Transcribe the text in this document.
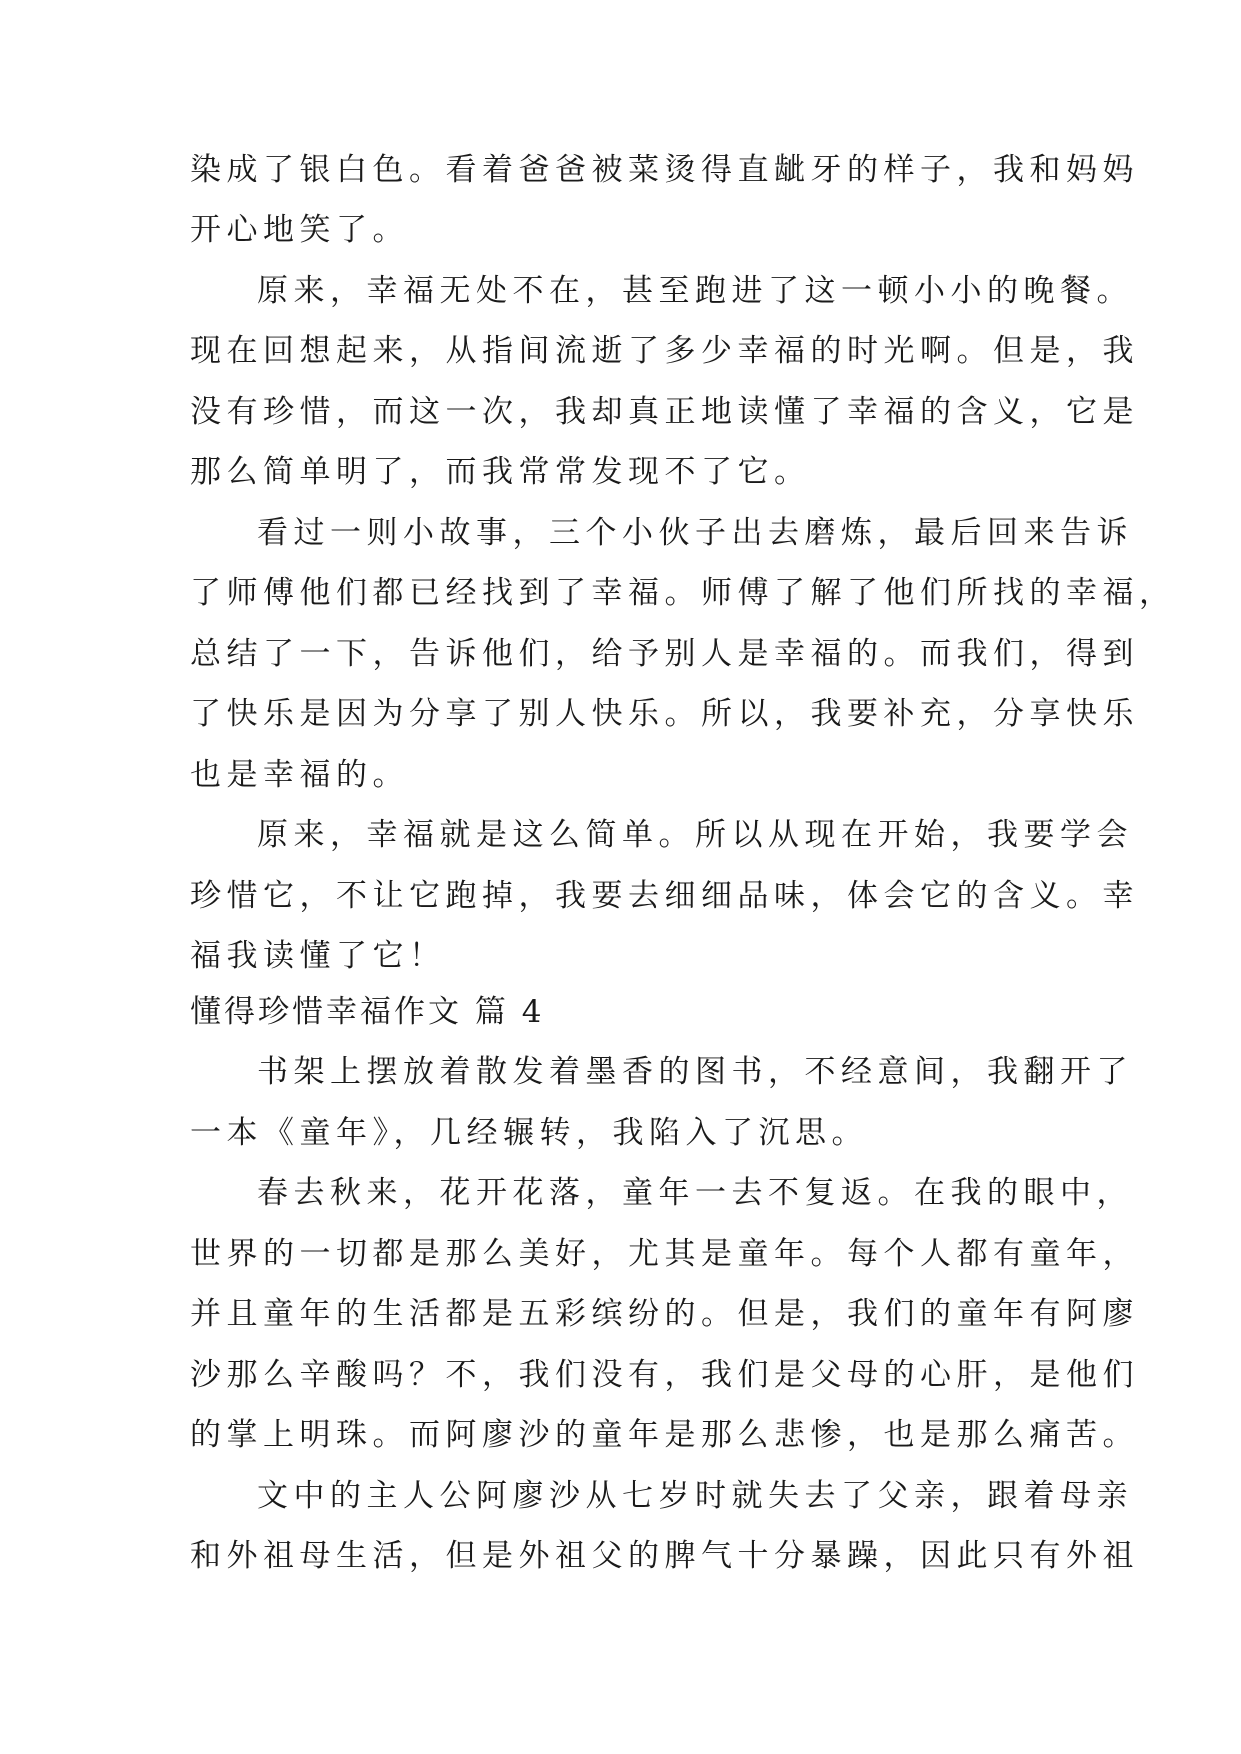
染成了银白色。看着爸爸被菜烫得直龇牙的样子，我和妈妈
开心地笑了。
原来，幸福无处不在，甚至跑进了这一顿小小的晚餐。
现在回想起来，从指间流逝了多少幸福的时光啊。但是，我
没有珍惜，而这一次，我却真正地读懂了幸福的含义，它是
那么简单明了，而我常常发现不了它。
看过一则小故事，三个小伙子出去磨炼，最后回来告诉
了师傅他们都已经找到了幸福。师傅了解了他们所找的幸福，
总结了一下，告诉他们，给予别人是幸福的。而我们，得到
了快乐是因为分享了别人快乐。所以，我要补充，分享快乐
也是幸福的。
原来，幸福就是这么简单。所以从现在开始，我要学会
珍惜它，不让它跑掉，我要去细细品味，体会它的含义。幸
福我读懂了它！
懂得珍惜幸福作文 篇 4
书架上摆放着散发着墨香的图书，不经意间，我翻开了
一本《童年》，几经辗转，我陷入了沉思。
春去秋来，花开花落，童年一去不复返。在我的眼中，
世界的一切都是那么美好，尤其是童年。每个人都有童年，
并且童年的生活都是五彩缤纷的。但是，我们的童年有阿廖
沙那么辛酸吗？不，我们没有，我们是父母的心肝，是他们
的掌上明珠。而阿廖沙的童年是那么悲惨，也是那么痛苦。
文中的主人公阿廖沙从七岁时就失去了父亲，跟着母亲
和外祖母生活，但是外祖父的脾气十分暴躁，因此只有外祖
